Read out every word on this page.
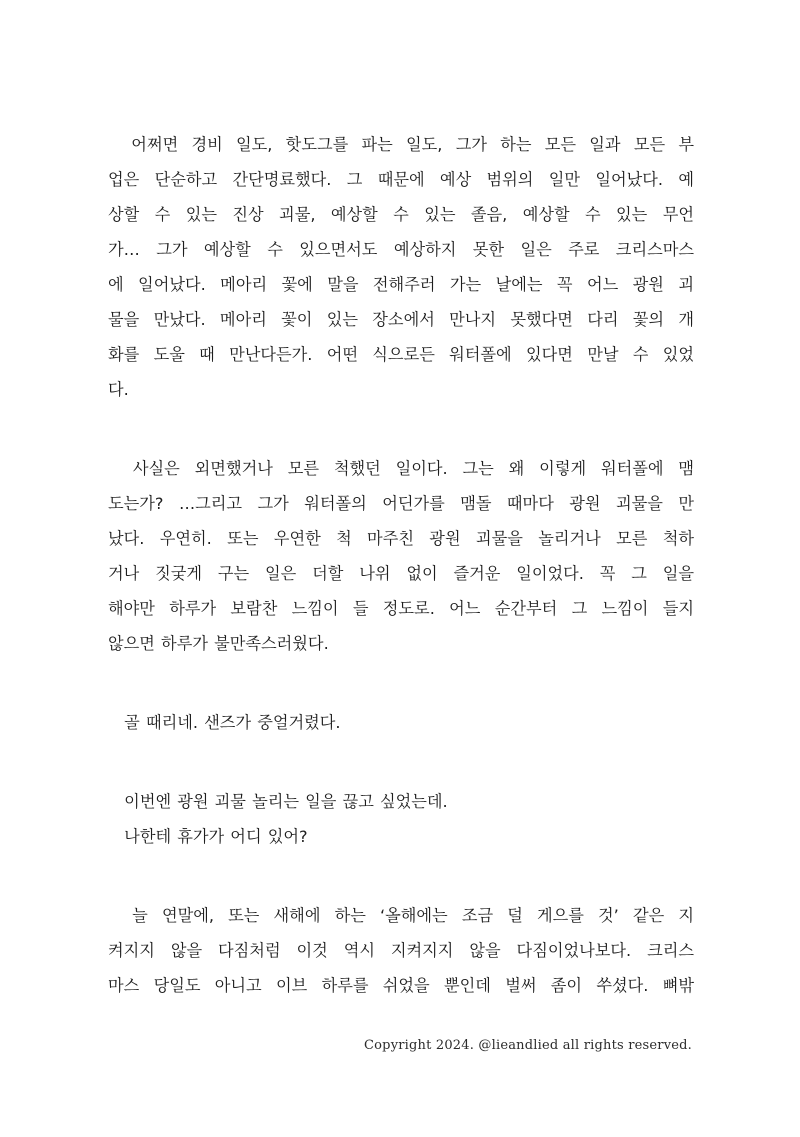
　어쩌면 경비 일도, 핫도그를 파는 일도, 그가 하는 모든 일과 모든 부
업은 단순하고 간단명료했다. 그 때문에 예상 범위의 일만 일어났다. 예
상할 수 있는 진상 괴물, 예상할 수 있는 졸음, 예상할 수 있는 무언
가… 그가 예상할 수 있으면서도 예상하지 못한 일은 주로 크리스마스
에 일어났다. 메아리 꽃에 말을 전해주러 가는 날에는 꼭 어느 광원 괴
물을 만났다. 메아리 꽃이 있는 장소에서 만나지 못했다면 다리 꽃의 개
화를 도울 때 만난다든가. 어떤 식으로든 워터폴에 있다면 만날 수 있었
다.
　사실은 외면했거나 모른 척했던 일이다. 그는 왜 이렇게 워터폴에 맴
도는가? …그리고 그가 워터폴의 어딘가를 맴돌 때마다 광원 괴물을 만
났다. 우연히. 또는 우연한 척 마주친 광원 괴물을 놀리거나 모른 척하
거나 짓궂게 구는 일은 더할 나위 없이 즐거운 일이었다. 꼭 그 일을
해야만 하루가 보람찬 느낌이 들 정도로. 어느 순간부터 그 느낌이 들지
않으면 하루가 불만족스러웠다.
　골 때리네. 샌즈가 중얼거렸다.
　이번엔 광원 괴물 놀리는 일을 끊고 싶었는데.
　나한테 휴가가 어디 있어?
　늘 연말에, 또는 새해에 하는 ‘올해에는 조금 덜 게으를 것’ 같은 지
켜지지 않을 다짐처럼 이것 역시 지켜지지 않을 다짐이었나보다. 크리스
마스 당일도 아니고 이브 하루를 쉬었을 뿐인데 벌써 좀이 쑤셨다. 뼈밖
Copyright 2024. @lieandlied all rights reserved.
